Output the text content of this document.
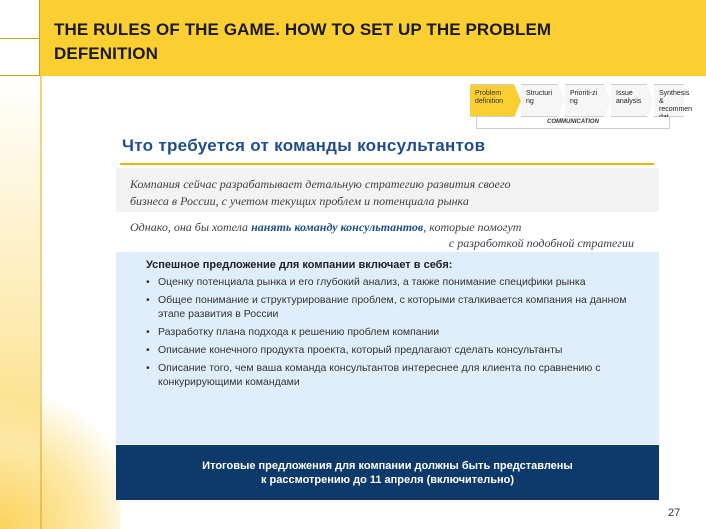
THE RULES OF THE GAME. HOW TO SET UP THE PROBLEM
DEFENITION
Problem definition
Structuri ng
Prioriti-zi ng
Issue analysis
Synthesis & recommen
COMMUNICATION
Что требуется от команды консультантов
Компания сейчас разрабатывает детальную стратегию развития своего
бизнеса в России, с учетом текущих проблем и потенциала рынка
Однако, она бы хотела нанять команду консультантов, которые помогут
с разработкой подобной стратегии
Успешное предложение для компании включает в себя:
• Оценку потенциала рынка и его глубокий анализ, а также понимание специфики рынка
• Общее понимание и структурирование проблем, с которыми сталкивается компания на данном этапе развития в России
• Разработку плана подхода к решению проблем компании
• Описание конечного продукта проекта, который предлагают сделать консультанты
• Описание того, чем ваша команда консультантов интереснее для клиента по сравнению с конкурирующими командами
Итоговые предложения для компании должны быть представлены
к рассмотрению до 11 апреля (включительно)
27
